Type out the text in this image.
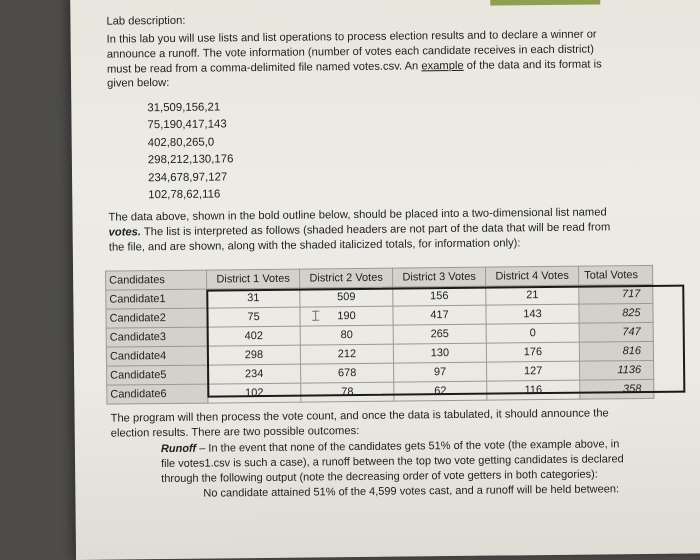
Lab description:

In this lab you will use lists and list operations to process election results and to declare a winner or

announce a runoff. The vote information (number of votes each candidate receives in each district)

must be read from a comma-delimited file named votes.csv. An example of the data and its format is

given below:

31,509,156,21
75,190,417,143
402,80,265,0
298,212,130,176
234,678,97,127
102,78,62,116

The data above, shown in the bold outline below, should be placed into a two-dimensional list named

votes. The list is interpreted as follows (shaded headers are not part of the data that will be read from

the file, and are shown, along with the shaded italicized totals, for information only):

Candidates	District 1 Votes	District 2 Votes	District 3 Votes	District 4 Votes	Total Votes
Candidate1	31	509	156	21	717
Candidate2	75	190	417	143	825
Candidate3	402	80	265	0	747
Candidate4	298	212	130	176	816
Candidate5	234	678	97	127	1136
Candidate6	102	78	62	116	358
⌶

The program will then process the vote count, and once the data is tabulated, it should announce the

election results. There are two possible outcomes:

Runoff – In the event that none of the candidates gets 51% of the vote (the example above, in
file votes1.csv is such a case), a runoff between the top two vote getting candidates is declared
through the following output (note the decreasing order of vote getters in both categories):
No candidate attained 51% of the 4,599 votes cast, and a runoff will be held between:
